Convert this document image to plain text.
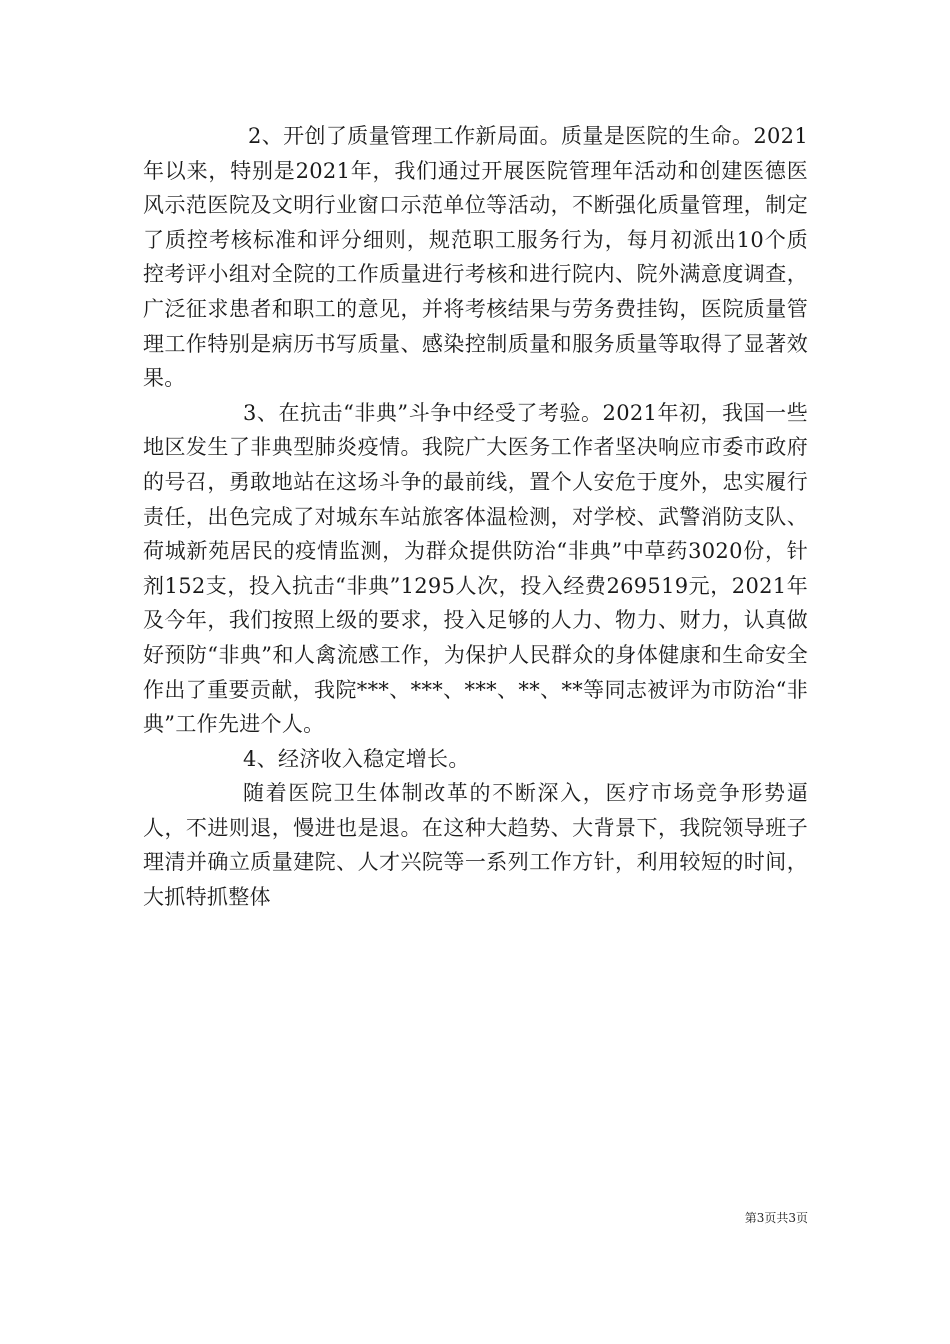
2、开创了质量管理工作新局面。质量是医院的生命。2021年以来，特别是2021年，我们通过开展医院管理年活动和创建医德医风示范医院及文明行业窗口示范单位等活动，不断强化质量管理，制定了质控考核标准和评分细则，规范职工服务行为，每月初派出10个质控考评小组对全院的工作质量进行考核和进行院内、院外满意度调查，广泛征求患者和职工的意见，并将考核结果与劳务费挂钩，医院质量管理工作特别是病历书写质量、感染控制质量和服务质量等取得了显著效果。

3、在抗击“非典”斗争中经受了考验。2021年初，我国一些地区发生了非典型肺炎疫情。我院广大医务工作者坚决响应市委市政府的号召，勇敢地站在这场斗争的最前线，置个人安危于度外，忠实履行责任，出色完成了对城东车站旅客体温检测，对学校、武警消防支队、荷城新苑居民的疫情监测，为群众提供防治“非典”中草药3020份，针剂152支，投入抗击“非典”1295人次，投入经费269519元，2021年及今年，我们按照上级的要求，投入足够的人力、物力、财力，认真做好预防“非典”和人禽流感工作，为保护人民群众的身体健康和生命安全作出了重要贡献，我院***、***、***、**、**等同志被评为市防治“非典”工作先进个人。

4、经济收入稳定增长。

随着医院卫生体制改革的不断深入，医疗市场竞争形势逼人，不进则退，慢进也是退。在这种大趋势、大背景下，我院领导班子理清并确立质量建院、人才兴院等一系列工作方针，利用较短的时间，大抓特抓整体

第3页共3页
